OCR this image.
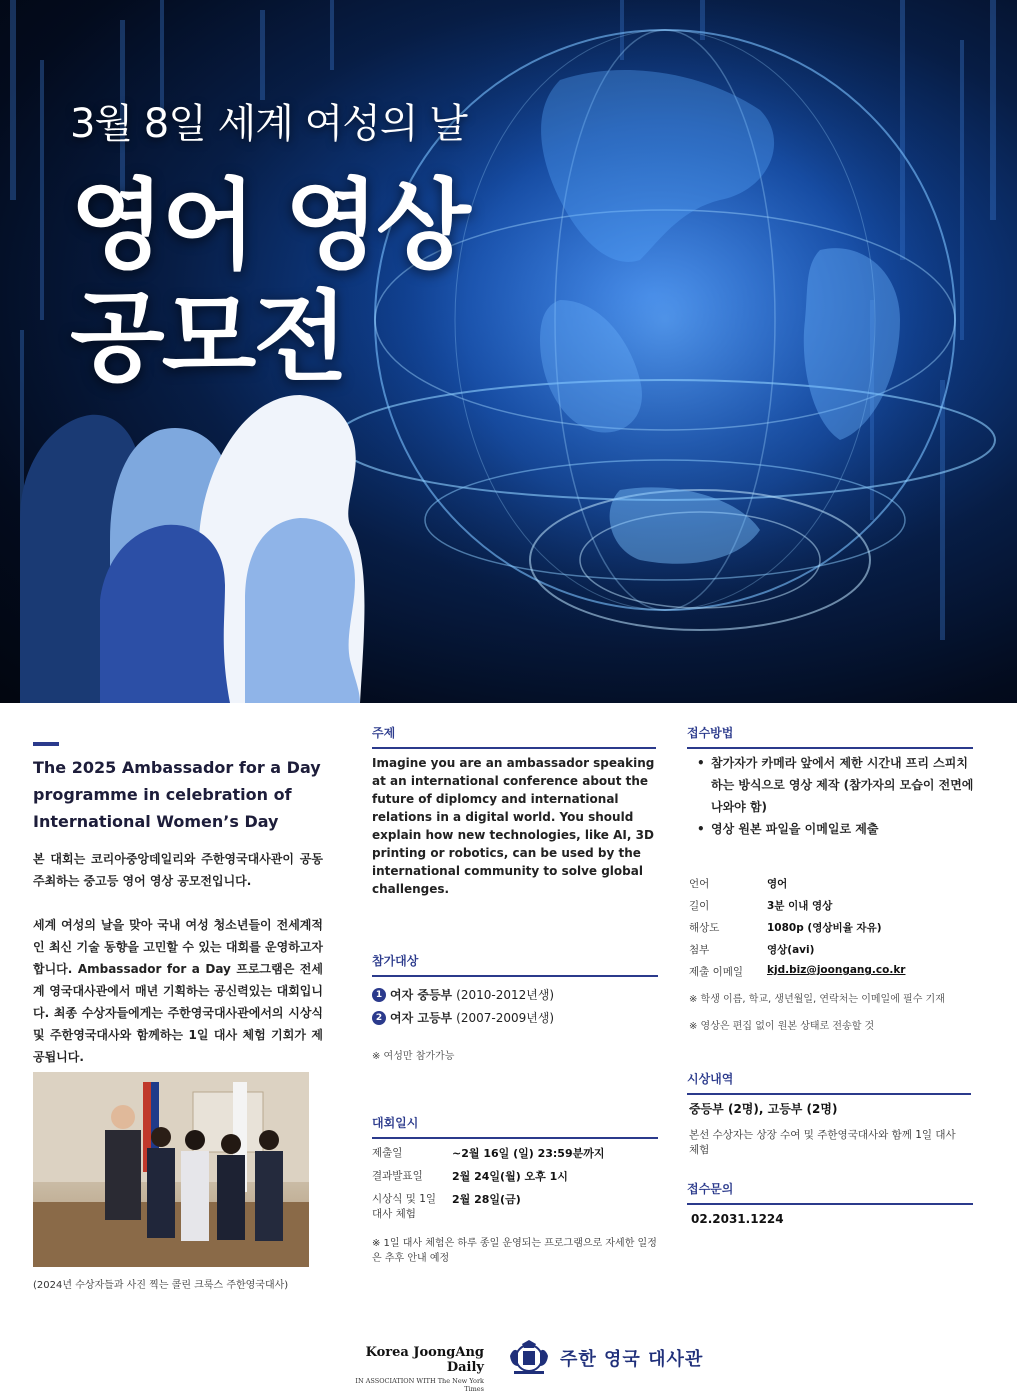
3월 8일 세계 여성의 날
영어 영상
공모전
The 2025 Ambassador for a Day programme in celebration of International Women’s Day
본 대회는 코리아중앙데일리와 주한영국대사관이 공동 주최하는 중고등 영어 영상 공모전입니다.
세계 여성의 날을 맞아 국내 여성 청소년들이 전세계적인 최신 기술 동향을 고민할 수 있는 대회를 운영하고자 합니다. Ambassador for a Day 프로그램은 전세계 영국대사관에서 매년 기획하는 공신력있는 대회입니다. 최종 수상자들에게는 주한영국대사관에서의 시상식 및 주한영국대사와 함께하는 1일 대사 체험 기회가 제공됩니다.
(2024년 수상자들과 사진 찍는 콜린 크룩스 주한영국대사)
주제
Imagine you are an ambassador speaking at an international conference about the future of diplomcy and international relations in a digital world. You should explain how new technologies, like AI, 3D printing or robotics, can be used by the international community to solve global challenges.
참가대상
1 여자 중등부 (2010-2012년생)
2 여자 고등부 (2007-2009년생)
※ 여성만 참가가능
대회일시
제출일	~2월 16일 (일) 23:59분까지
결과발표일	2월 24일(월) 오후 1시
시상식 및 1일 대사 체험
2월 28일(금)
※ 1일 대사 체험은 하루 종일 운영되는 프로그램으로 자세한 일정은 추후 안내 예정
접수방법
• 참가자가 카메라 앞에서 제한 시간내 프리 스피치 하는 방식으로 영상 제작 (참가자의 모습이 전면에 나와야 함)
• 영상 원본 파일을 이메일로 제출
언어	영어
길이	3분 이내 영상
해상도	1080p (영상비율 자유)
첨부	영상(avi)
제출 이메일	kjd.biz@joongang.co.kr
※ 학생 이름, 학교, 생년월일, 연락처는 이메일에 필수 기재
※ 영상은 편집 없이 원본 상태로 전송할 것
시상내역
중등부 (2명), 고등부 (2명)
본선 수상자는 상장 수여 및 주한영국대사와 함께 1일 대사 체험
접수문의
02.2031.1224
Korea JoongAng Daily
IN ASSOCIATION WITH The New York Times
주한 영국 대사관
